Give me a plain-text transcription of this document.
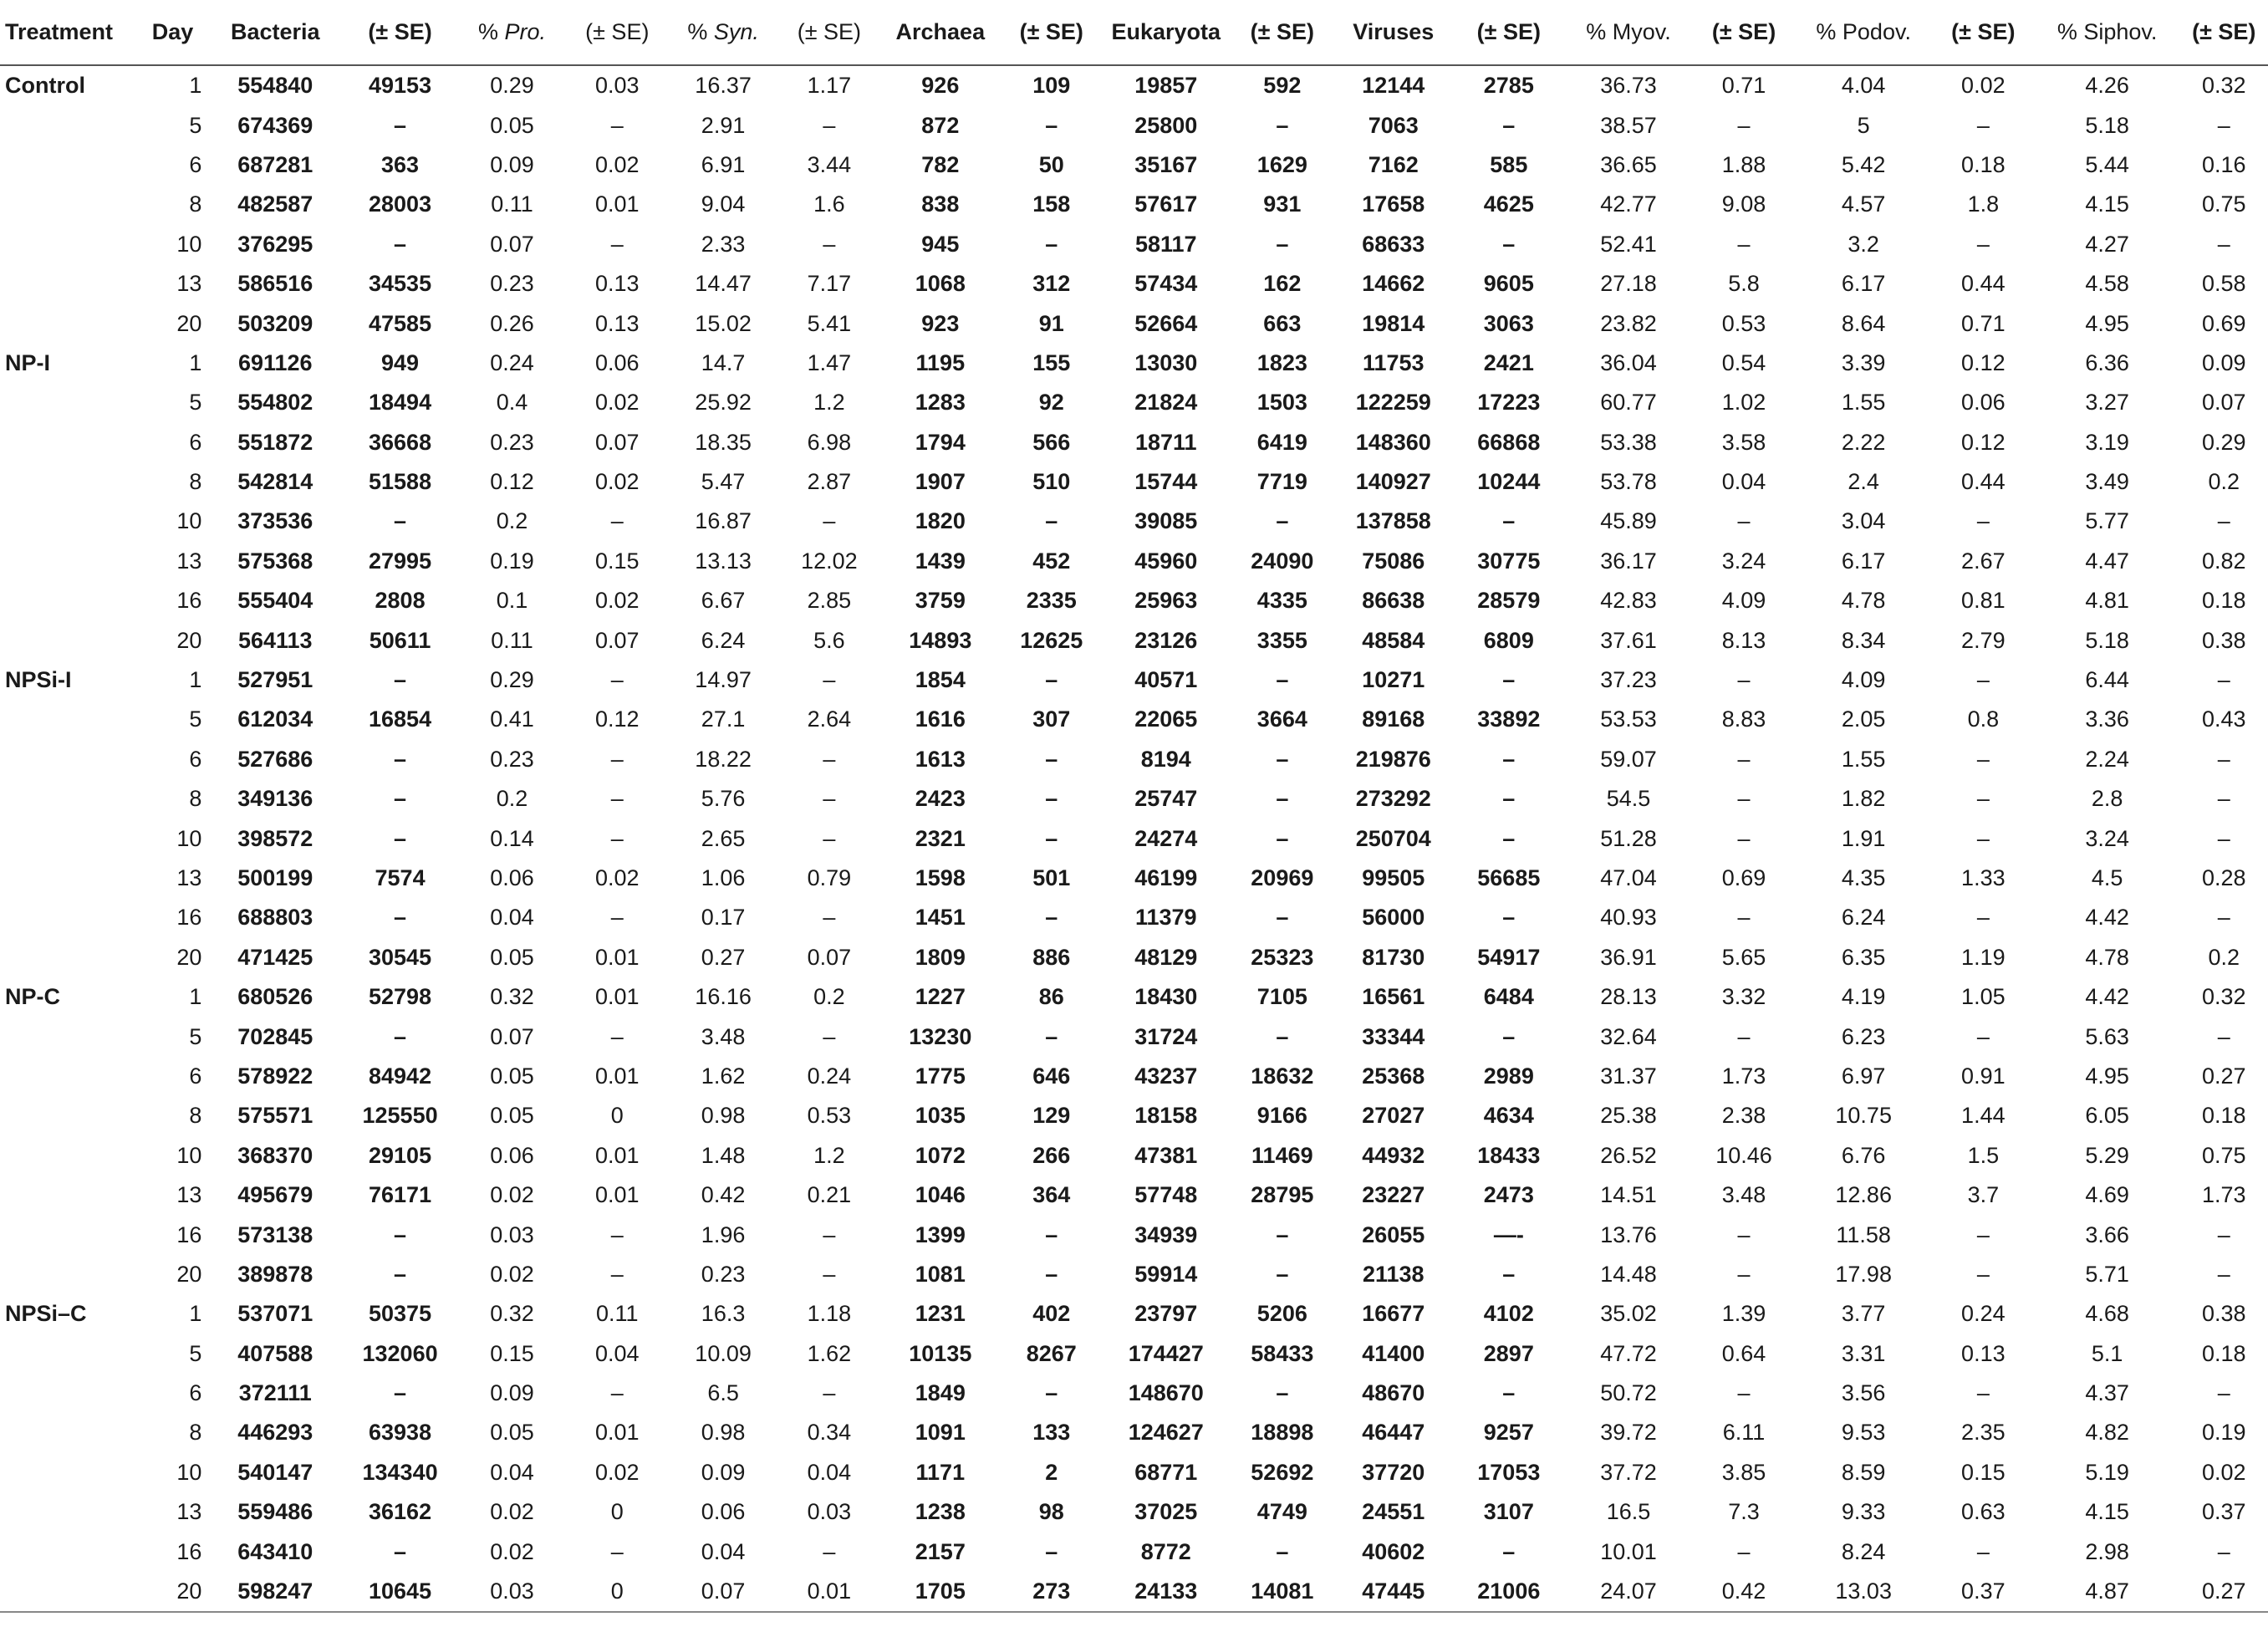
Treatment	Day	Bacteria	(± SE)	% Pro.	(± SE)	% Syn.	(± SE)	Archaea	(± SE)	Eukaryota	(± SE)	Viruses	(± SE)	% Myov.	(± SE)	% Podov.	(± SE)	% Siphov.	(± SE)
Control	1	554840	49153	0.29	0.03	16.37	1.17	926	109	19857	592	12144	2785	36.73	0.71	4.04	0.02	4.26	0.32
	5	674369	–	0.05	–	2.91	–	872	–	25800	–	7063	–	38.57	–	5	–	5.18	–
	6	687281	363	0.09	0.02	6.91	3.44	782	50	35167	1629	7162	585	36.65	1.88	5.42	0.18	5.44	0.16
	8	482587	28003	0.11	0.01	9.04	1.6	838	158	57617	931	17658	4625	42.77	9.08	4.57	1.8	4.15	0.75
	10	376295	–	0.07	–	2.33	–	945	–	58117	–	68633	–	52.41	–	3.2	–	4.27	–
	13	586516	34535	0.23	0.13	14.47	7.17	1068	312	57434	162	14662	9605	27.18	5.8	6.17	0.44	4.58	0.58
	20	503209	47585	0.26	0.13	15.02	5.41	923	91	52664	663	19814	3063	23.82	0.53	8.64	0.71	4.95	0.69
NP-I	1	691126	949	0.24	0.06	14.7	1.47	1195	155	13030	1823	11753	2421	36.04	0.54	3.39	0.12	6.36	0.09
	5	554802	18494	0.4	0.02	25.92	1.2	1283	92	21824	1503	122259	17223	60.77	1.02	1.55	0.06	3.27	0.07
	6	551872	36668	0.23	0.07	18.35	6.98	1794	566	18711	6419	148360	66868	53.38	3.58	2.22	0.12	3.19	0.29
	8	542814	51588	0.12	0.02	5.47	2.87	1907	510	15744	7719	140927	10244	53.78	0.04	2.4	0.44	3.49	0.2
	10	373536	–	0.2	–	16.87	–	1820	–	39085	–	137858	–	45.89	–	3.04	–	5.77	–
	13	575368	27995	0.19	0.15	13.13	12.02	1439	452	45960	24090	75086	30775	36.17	3.24	6.17	2.67	4.47	0.82
	16	555404	2808	0.1	0.02	6.67	2.85	3759	2335	25963	4335	86638	28579	42.83	4.09	4.78	0.81	4.81	0.18
	20	564113	50611	0.11	0.07	6.24	5.6	14893	12625	23126	3355	48584	6809	37.61	8.13	8.34	2.79	5.18	0.38
NPSi-I	1	527951	–	0.29	–	14.97	–	1854	–	40571	–	10271	–	37.23	–	4.09	–	6.44	–
	5	612034	16854	0.41	0.12	27.1	2.64	1616	307	22065	3664	89168	33892	53.53	8.83	2.05	0.8	3.36	0.43
	6	527686	–	0.23	–	18.22	–	1613	–	8194	–	219876	–	59.07	–	1.55	–	2.24	–
	8	349136	–	0.2	–	5.76	–	2423	–	25747	–	273292	–	54.5	–	1.82	–	2.8	–
	10	398572	–	0.14	–	2.65	–	2321	–	24274	–	250704	–	51.28	–	1.91	–	3.24	–
	13	500199	7574	0.06	0.02	1.06	0.79	1598	501	46199	20969	99505	56685	47.04	0.69	4.35	1.33	4.5	0.28
	16	688803	–	0.04	–	0.17	–	1451	–	11379	–	56000	–	40.93	–	6.24	–	4.42	–
	20	471425	30545	0.05	0.01	0.27	0.07	1809	886	48129	25323	81730	54917	36.91	5.65	6.35	1.19	4.78	0.2
NP-C	1	680526	52798	0.32	0.01	16.16	0.2	1227	86	18430	7105	16561	6484	28.13	3.32	4.19	1.05	4.42	0.32
	5	702845	–	0.07	–	3.48	–	13230	–	31724	–	33344	–	32.64	–	6.23	–	5.63	–
	6	578922	84942	0.05	0.01	1.62	0.24	1775	646	43237	18632	25368	2989	31.37	1.73	6.97	0.91	4.95	0.27
	8	575571	125550	0.05	0	0.98	0.53	1035	129	18158	9166	27027	4634	25.38	2.38	10.75	1.44	6.05	0.18
	10	368370	29105	0.06	0.01	1.48	1.2	1072	266	47381	11469	44932	18433	26.52	10.46	6.76	1.5	5.29	0.75
	13	495679	76171	0.02	0.01	0.42	0.21	1046	364	57748	28795	23227	2473	14.51	3.48	12.86	3.7	4.69	1.73
	16	573138	–	0.03	–	1.96	–	1399	–	34939	–	26055	—-	13.76	–	11.58	–	3.66	–
	20	389878	–	0.02	–	0.23	–	1081	–	59914	–	21138	–	14.48	–	17.98	–	5.71	–
NPSi–C	1	537071	50375	0.32	0.11	16.3	1.18	1231	402	23797	5206	16677	4102	35.02	1.39	3.77	0.24	4.68	0.38
	5	407588	132060	0.15	0.04	10.09	1.62	10135	8267	174427	58433	41400	2897	47.72	0.64	3.31	0.13	5.1	0.18
	6	372111	–	0.09	–	6.5	–	1849	–	148670	–	48670	–	50.72	–	3.56	–	4.37	–
	8	446293	63938	0.05	0.01	0.98	0.34	1091	133	124627	18898	46447	9257	39.72	6.11	9.53	2.35	4.82	0.19
	10	540147	134340	0.04	0.02	0.09	0.04	1171	2	68771	52692	37720	17053	37.72	3.85	8.59	0.15	5.19	0.02
	13	559486	36162	0.02	0	0.06	0.03	1238	98	37025	4749	24551	3107	16.5	7.3	9.33	0.63	4.15	0.37
	16	643410	–	0.02	–	0.04	–	2157	–	8772	–	40602	–	10.01	–	8.24	–	2.98	–
	20	598247	10645	0.03	0	0.07	0.01	1705	273	24133	14081	47445	21006	24.07	0.42	13.03	0.37	4.87	0.27
